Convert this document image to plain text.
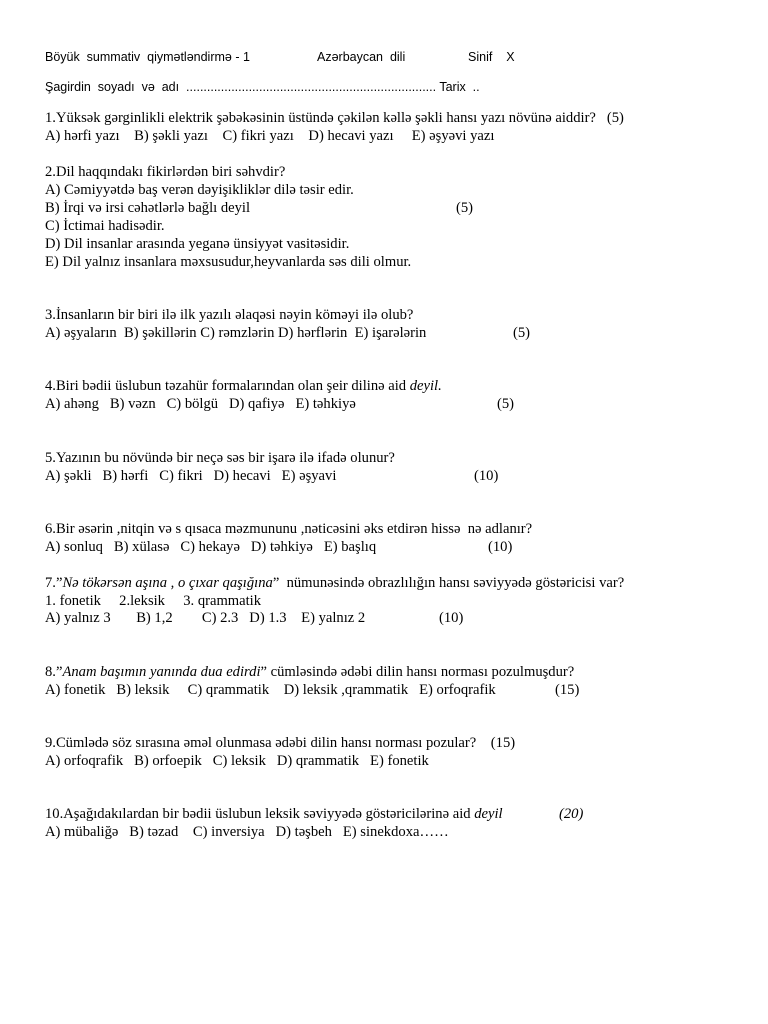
Böyük  summativ  qiymətləndirmə - 1	Azərbaycan  dili	Sinif    X
Şagirdin  soyadı  və  adı  ........................................................................ Tarix  ..
1.Yüksək gərginlikli elektrik şəbəkəsinin üstündə çəkilən kəllə şəkli hansı yazı növünə aiddir?   (5)
A) hərfi yazı    B) şəkli yazı    C) fikri yazı    D) hecavi yazı     E) əşyəvi yazı
2.Dil haqqındakı fikirlərdən biri səhvdir?
A) Cəmiyyətdə baş verən dəyişikliklər dilə təsir edir.
B) İrqi və irsi cəhətlərlə bağlı deyil	(5)
C) İctimai hadisədir.
D) Dil insanlar arasında yeganə ünsiyyət vasitəsidir.
E) Dil yalnız insanlara məxsusudur,heyvanlarda səs dili olmur.
3.İnsanların bir biri ilə ilk yazılı əlaqəsi nəyin köməyi ilə olub?
A) əşyaların  B) şəkillərin C) rəmzlərin D) hərflərin  E) işarələrin	(5)
4.Biri bədii üslubun təzahür formalarından olan şeir dilinə aid deyil.
A) ahəng   B) vəzn   C) bölgü   D) qafiyə   E) təhkiyə	(5)
5.Yazının bu növündə bir neçə səs bir işarə ilə ifadə olunur?
A) şəkli   B) hərfi   C) fikri   D) hecavi   E) əşyavi	(10)
6.Bir əsərin ,nitqin və s qısaca məzmununu ,nəticəsini əks etdirən hissə  nə adlanır?
A) sonluq   B) xülasə   C) hekayə   D) təhkiyə   E) başlıq	(10)
7.”Nə tökərsən aşına , o çıxar qaşığına”  nümunəsində obrazlılığın hansı səviyyədə göstəricisi var?
1. fonetik     2.leksik     3. qrammatik
A) yalnız 3       B) 1,2        C) 2.3   D) 1.3    E) yalnız 2	(10)
8.”Anam başımın yanında dua edirdi” cümləsində ədəbi dilin hansı norması pozulmuşdur?
A) fonetik   B) leksik     C) qrammatik    D) leksik ,qrammatik   E) orfoqrafik	(15)
9.Cümlədə söz sırasına əməl olunmasa ədəbi dilin hansı norması pozular?    (15)
A) orfoqrafik   B) orfoepik   C) leksik   D) qrammatik   E) fonetik
10.Aşağıdakılardan bir bədii üslubun leksik səviyyədə göstəricilərinə aid deyil	(20)
A) mübaliğə   B) təzad    C) inversiya   D) təşbeh   E) sinekdoxa……
